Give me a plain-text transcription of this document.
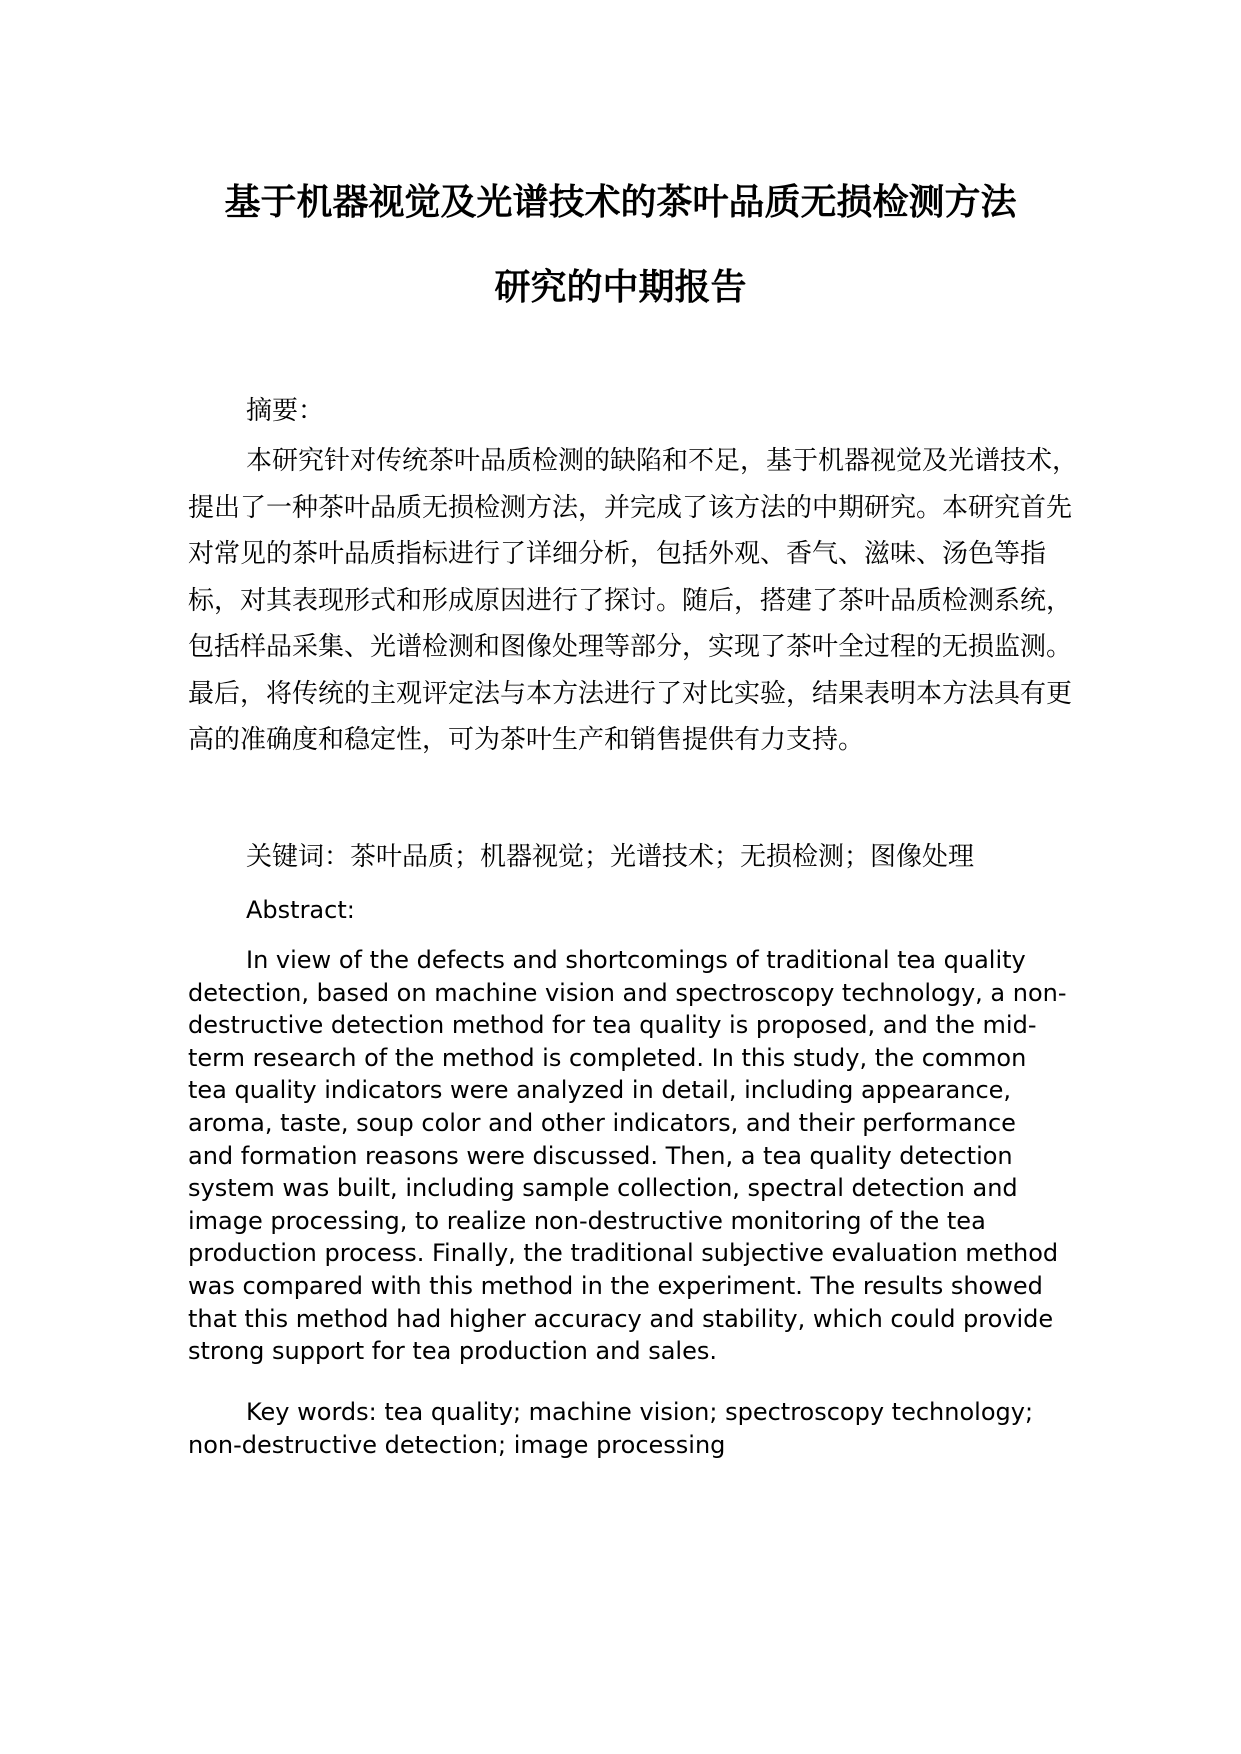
基于机器视觉及光谱技术的茶叶品质无损检测方法
研究的中期报告

摘要：

本研究针对传统茶叶品质检测的缺陷和不足，基于机器视觉及光谱技术，提出了一种茶叶品质无损检测方法，并完成了该方法的中期研究。本研究首先对常见的茶叶品质指标进行了详细分析，包括外观、香气、滋味、汤色等指标，对其表现形式和形成原因进行了探讨。随后，搭建了茶叶品质检测系统，包括样品采集、光谱检测和图像处理等部分，实现了茶叶全过程的无损监测。最后，将传统的主观评定法与本方法进行了对比实验，结果表明本方法具有更高的准确度和稳定性，可为茶叶生产和销售提供有力支持。

关键词：茶叶品质；机器视觉；光谱技术；无损检测；图像处理

Abstract:

In view of the defects and shortcomings of traditional tea quality detection, based on machine vision and spectroscopy technology, a non-destructive detection method for tea quality is proposed, and the mid-term research of the method is completed. In this study, the common tea quality indicators were analyzed in detail, including appearance, aroma, taste, soup color and other indicators, and their performance and formation reasons were discussed. Then, a tea quality detection system was built, including sample collection, spectral detection and image processing, to realize non-destructive monitoring of the tea production process. Finally, the traditional subjective evaluation method was compared with this method in the experiment. The results showed that this method had higher accuracy and stability, which could provide strong support for tea production and sales.

Key words: tea quality; machine vision; spectroscopy technology; non-destructive detection; image processing
